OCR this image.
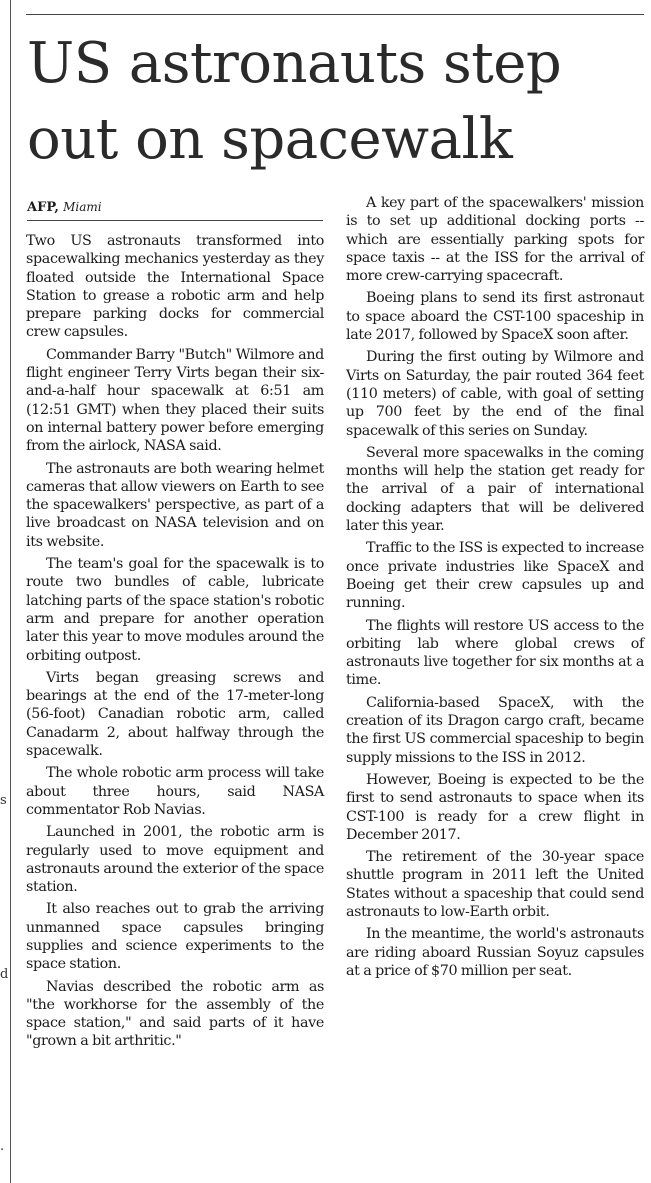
s
d
.
US astronauts step out on spacewalk
AFP, Miami

Two US astronauts transformed into spacewalking mechanics yesterday as they floated outside the International Space Station to grease a robotic arm and help prepare parking docks for commercial crew capsules.

Commander Barry "Butch" Wilmore and flight engineer Terry Virts began their six-and-a-half hour spacewalk at 6:51 am (12:51 GMT) when they placed their suits on internal battery power before emerging from the airlock, NASA said.

The astronauts are both wearing helmet cameras that allow viewers on Earth to see the spacewalkers' perspective, as part of a live broadcast on NASA television and on its website.

The team's goal for the spacewalk is to route two bundles of cable, lubricate latching parts of the space station's robotic arm and prepare for another operation later this year to move modules around the orbiting outpost.

Virts began greasing screws and bearings at the end of the 17-meter-long (56-foot) Canadian robotic arm, called Canadarm 2, about halfway through the spacewalk.

The whole robotic arm process will take about three hours, said NASA commentator Rob Navias.

Launched in 2001, the robotic arm is regularly used to move equipment and astronauts around the exterior of the space station.

It also reaches out to grab the arriving unmanned space capsules bringing supplies and science experiments to the space station.

Navias described the robotic arm as "the workhorse for the assembly of the space station," and said parts of it have "grown a bit arthritic."

A key part of the spacewalkers' mission is to set up additional docking ports -- which are essentially parking spots for space taxis -- at the ISS for the arrival of more crew-carrying spacecraft.

Boeing plans to send its first astronaut to space aboard the CST-100 spaceship in late 2017, followed by SpaceX soon after.

During the first outing by Wilmore and Virts on Saturday, the pair routed 364 feet (110 meters) of cable, with goal of setting up 700 feet by the end of the final spacewalk of this series on Sunday.

Several more spacewalks in the coming months will help the station get ready for the arrival of a pair of international docking adapters that will be delivered later this year.

Traffic to the ISS is expected to increase once private industries like SpaceX and Boeing get their crew capsules up and running.

The flights will restore US access to the orbiting lab where global crews of astronauts live together for six months at a time.

California-based SpaceX, with the creation of its Dragon cargo craft, became the first US commercial spaceship to begin supply missions to the ISS in 2012.

However, Boeing is expected to be the first to send astronauts to space when its CST-100 is ready for a crew flight in December 2017.

The retirement of the 30-year space shuttle program in 2011 left the United States without a spaceship that could send astronauts to low-Earth orbit.

In the meantime, the world's astronauts are riding aboard Russian Soyuz capsules at a price of $70 million per seat.
